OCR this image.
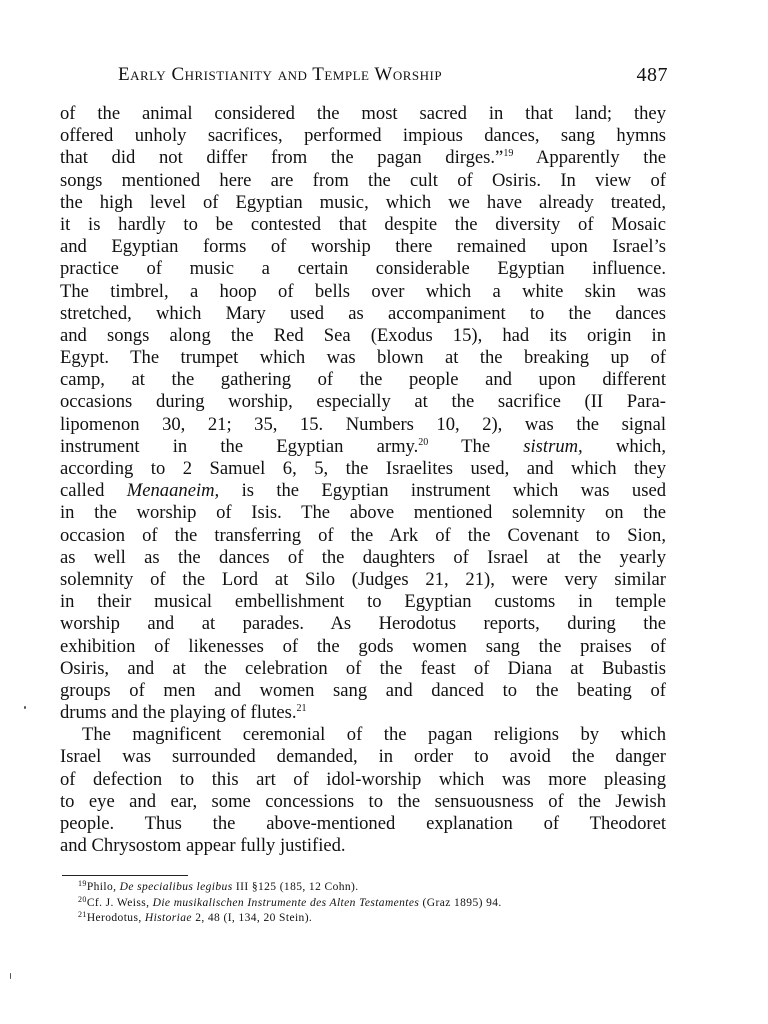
Early Christianity and Temple Worship	487
of the animal considered the most sacred in that land; they
offered unholy sacrifices, performed impious dances, sang hymns
that did not differ from the pagan dirges.”$^{19}$ Apparently the
songs mentioned here are from the cult of Osiris. In view of
the high level of Egyptian music, which we have already treated,
it is hardly to be contested that despite the diversity of Mosaic
and Egyptian forms of worship there remained upon Israel’s
practice of music a certain considerable Egyptian influence.
The timbrel, a hoop of bells over which a white skin was
stretched, which Mary used as accompaniment to the dances
and songs along the Red Sea (Exodus 15), had its origin in
Egypt. The trumpet which was blown at the breaking up of
camp, at the gathering of the people and upon different
occasions during worship, especially at the sacrifice (II Para-
lipomenon 30, 21; 35, 15. Numbers 10, 2), was the signal
instrument in the Egyptian army.$^{20}$ The sistrum, which,
according to 2 Samuel 6, 5, the Israelites used, and which they
called Menaaneim, is the Egyptian instrument which was used
in the worship of Isis. The above mentioned solemnity on the
occasion of the transferring of the Ark of the Covenant to Sion,
as well as the dances of the daughters of Israel at the yearly
solemnity of the Lord at Silo (Judges 21, 21), were very similar
in their musical embellishment to Egyptian customs in temple
worship and at parades. As Herodotus reports, during the
exhibition of likenesses of the gods women sang the praises of
Osiris, and at the celebration of the feast of Diana at Bubastis
groups of men and women sang and danced to the beating of
drums and the playing of flutes.$^{21}$
The magnificent ceremonial of the pagan religions by which
Israel was surrounded demanded, in order to avoid the danger
of defection to this art of idol-worship which was more pleasing
to eye and ear, some concessions to the sensuousness of the Jewish
people. Thus the above-mentioned explanation of Theodoret
and Chrysostom appear fully justified.
$^{19}$Philo, De specialibus legibus III §125 (185, 12 Cohn).
$^{20}$Cf. J. Weiss, Die musikalischen Instrumente des Alten Testamentes (Graz 1895) 94.
$^{21}$Herodotus, Historiae 2, 48 (I, 134, 20 Stein).
